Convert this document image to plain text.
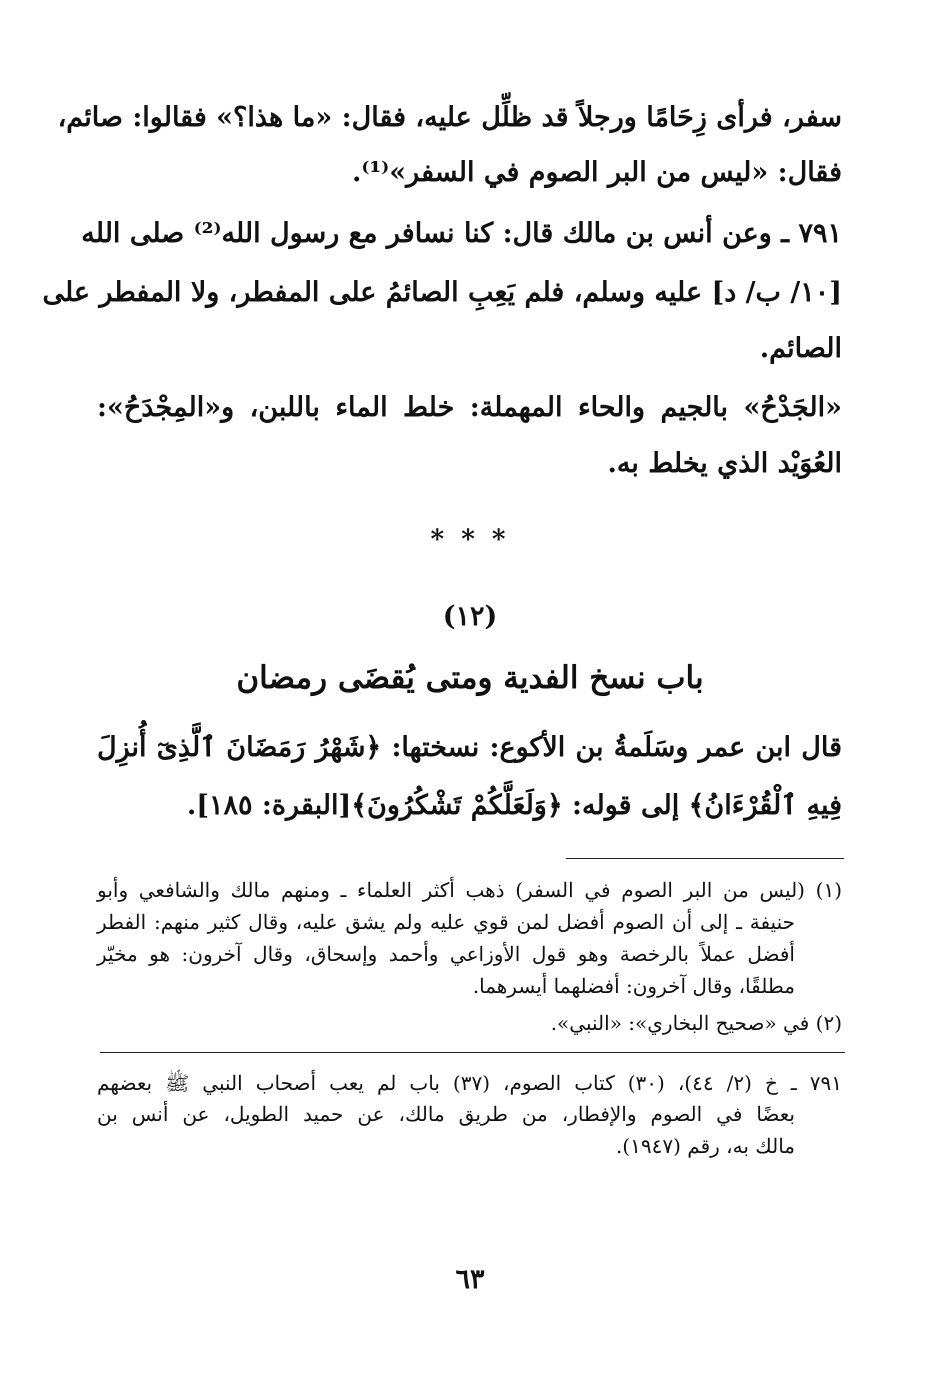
سفر، فرأى زِحَامًا ورجلاً قد ظلِّل عليه، فقال: «ما هذا؟» فقالوا: صائم،
فقال: «ليس من البر الصوم في السفر»⁽¹⁾.
٧٩١ ـ وعن أنس بن مالك قال: كنا نسافر مع رسول الله⁽²⁾ صلى الله
[١٠/ ب/ د] عليه وسلم، فلم يَعِبِ الصائمُ على المفطر، ولا المفطر على
الصائم.
«الجَدْحُ» بالجيم والحاء المهملة: خلط الماء باللبن، و«المِجْدَحُ»:
العُوَيْد الذي يخلط به.
* * *
(١٢)
باب نسخ الفدية ومتى يُقضَى رمضان
قال ابن عمر وسَلَمةُ بن الأكوع: نسختها: ﴿شَهْرُ رَمَضَانَ ٱلَّذِىٓ أُنزِلَ
فِيهِ ٱلْقُرْءَانُ﴾ إلى قوله: ﴿وَلَعَلَّكُمْ تَشْكُرُونَ﴾[البقرة: ١٨٥].
(١) (ليس من البر الصوم في السفر) ذهب أكثر العلماء ـ ومنهم مالك والشافعي وأبو
حنيفة ـ إلى أن الصوم أفضل لمن قوي عليه ولم يشق عليه، وقال كثير منهم: الفطر
أفضل عملاً بالرخصة وهو قول الأوزاعي وأحمد وإسحاق، وقال آخرون: هو مخيّر
مطلقًا، وقال آخرون: أفضلهما أيسرهما.
(٢) في «صحيح البخاري»: «النبي».
٧٩١ ـ خ (٢/ ٤٤)، (٣٠) كتاب الصوم، (٣٧) باب لم يعب أصحاب النبي ﷺ بعضهم
بعضًا في الصوم والإفطار، من طريق مالك، عن حميد الطويل، عن أنس بن
مالك به، رقم (١٩٤٧).
٦٣
